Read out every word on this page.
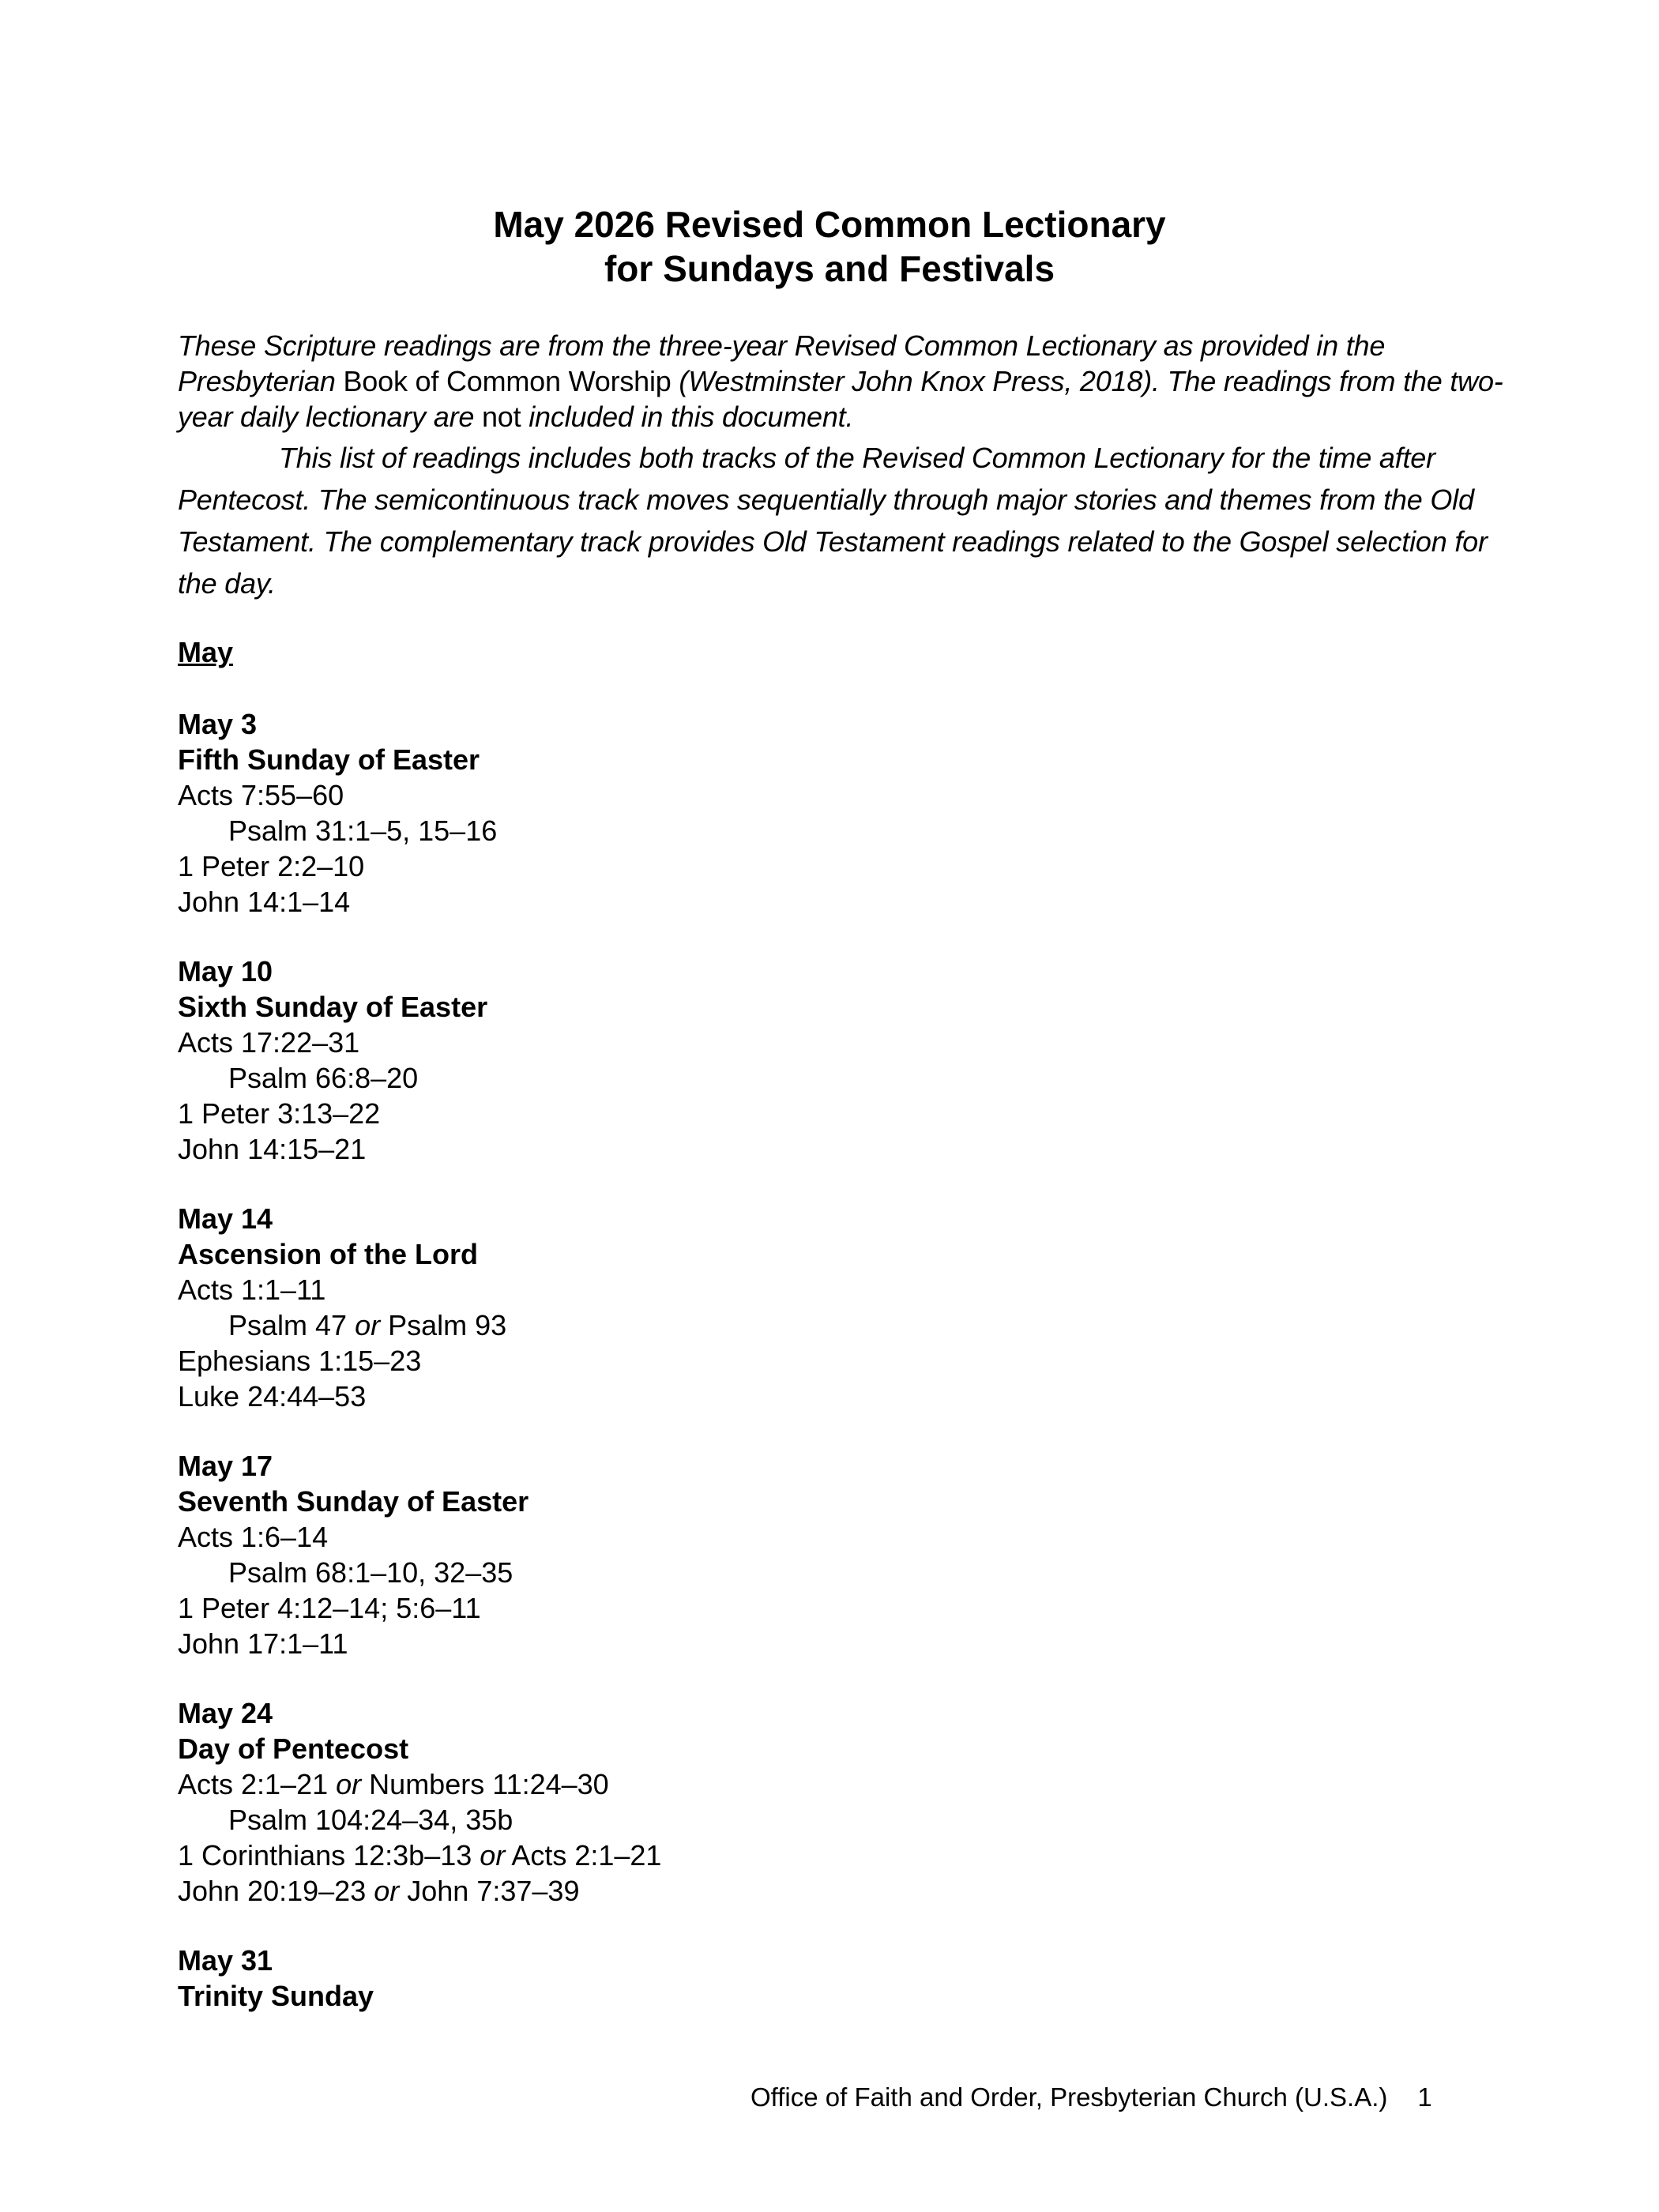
May 2026 Revised Common Lectionary
for Sundays and Festivals
These Scripture readings are from the three-year Revised Common Lectionary as provided in the Presbyterian Book of Common Worship (Westminster John Knox Press, 2018). The readings from the two-year daily lectionary are not included in this document.
This list of readings includes both tracks of the Revised Common Lectionary for the time after Pentecost. The semicontinuous track moves sequentially through major stories and themes from the Old Testament. The complementary track provides Old Testament readings related to the Gospel selection for the day.
May
May 3
Fifth Sunday of Easter
Acts 7:55–60
Psalm 31:1–5, 15–16
1 Peter 2:2–10
John 14:1–14
May 10
Sixth Sunday of Easter
Acts 17:22–31
Psalm 66:8–20
1 Peter 3:13–22
John 14:15–21
May 14
Ascension of the Lord
Acts 1:1–11
Psalm 47 or Psalm 93
Ephesians 1:15–23
Luke 24:44–53
May 17
Seventh Sunday of Easter
Acts 1:6–14
Psalm 68:1–10, 32–35
1 Peter 4:12–14; 5:6–11
John 17:1–11
May 24
Day of Pentecost
Acts 2:1–21 or Numbers 11:24–30
Psalm 104:24–34, 35b
1 Corinthians 12:3b–13 or Acts 2:1–21
John 20:19–23 or John 7:37–39
May 31
Trinity Sunday
Office of Faith and Order, Presbyterian Church (U.S.A.) 1
